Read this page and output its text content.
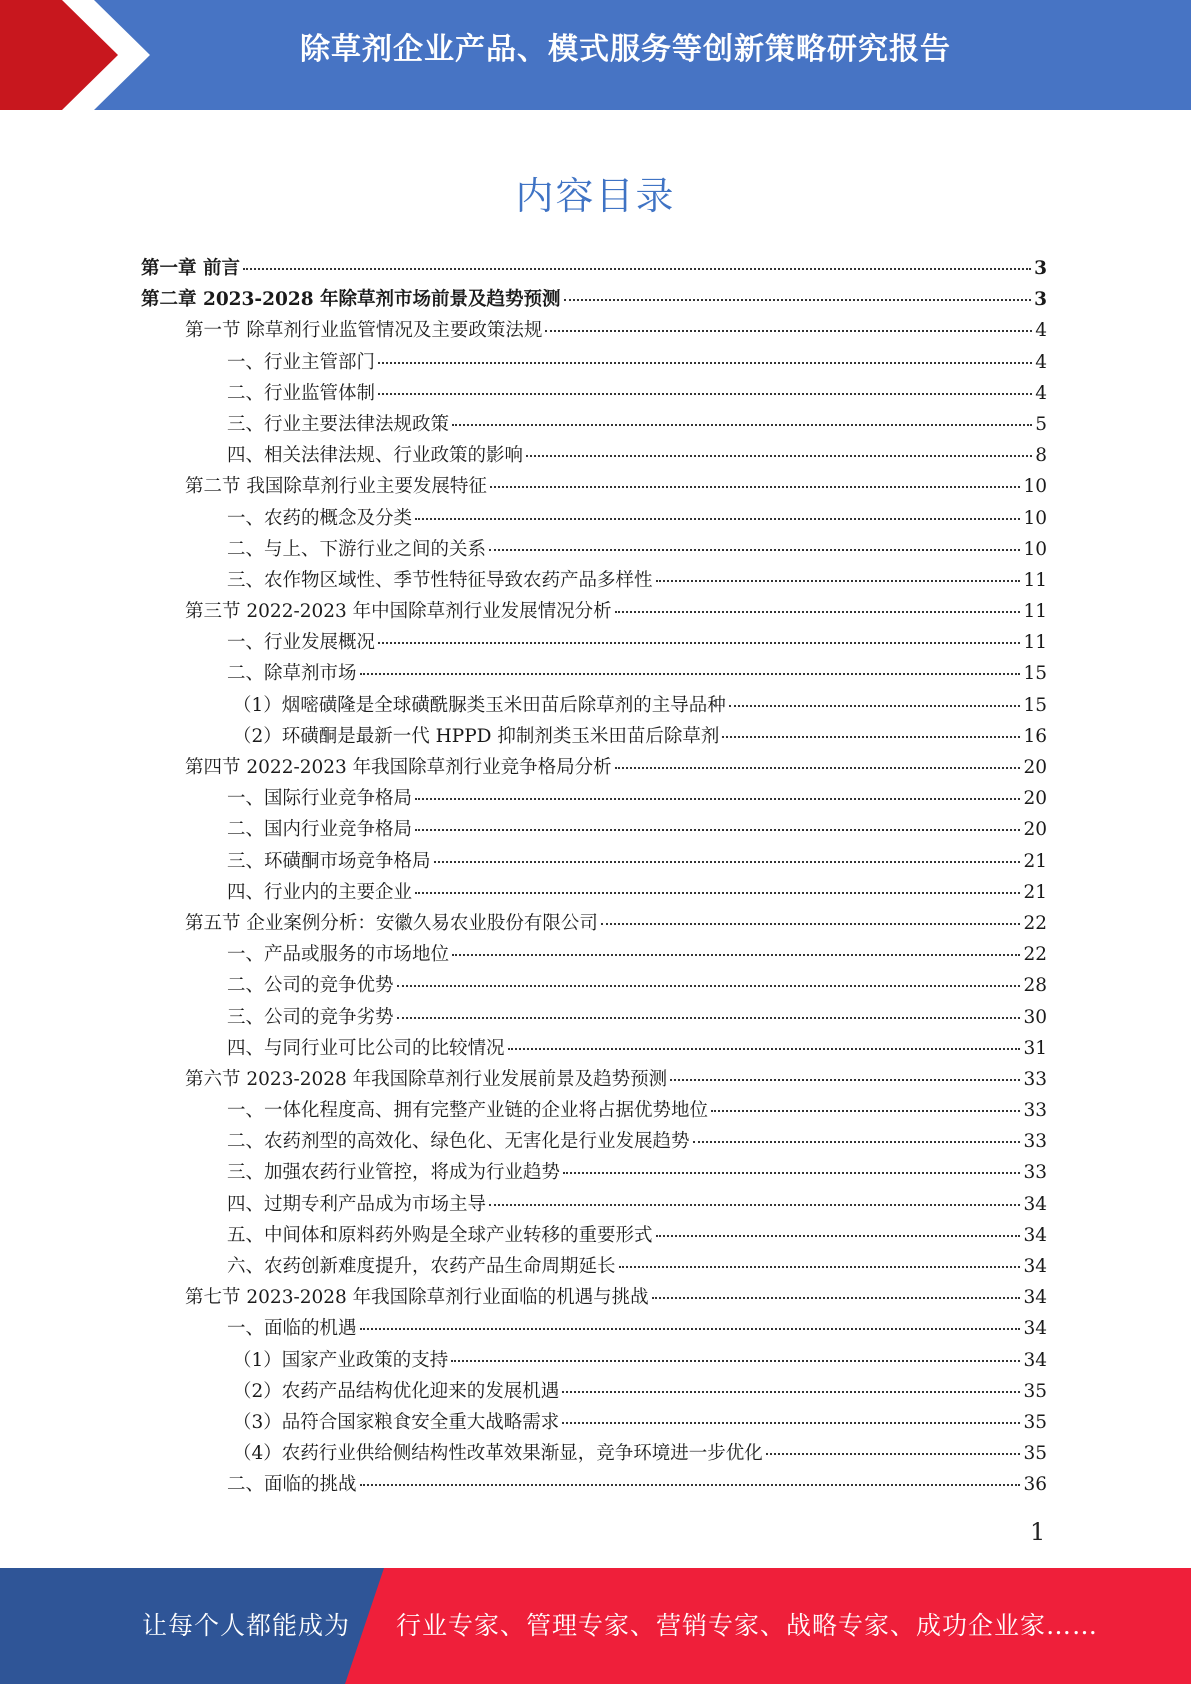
除草剂企业产品、模式服务等创新策略研究报告
内容目录
第一章 前言	3
第二章 2023-2028 年除草剂市场前景及趋势预测	3
第一节 除草剂行业监管情况及主要政策法规	4
一、行业主管部门	4
二、行业监管体制	4
三、行业主要法律法规政策	5
四、相关法律法规、行业政策的影响	8
第二节 我国除草剂行业主要发展特征	10
一、农药的概念及分类	10
二、与上、下游行业之间的关系	10
三、农作物区域性、季节性特征导致农药产品多样性	11
第三节 2022-2023 年中国除草剂行业发展情况分析	11
一、行业发展概况	11
二、除草剂市场	15
（1）烟嘧磺隆是全球磺酰脲类玉米田苗后除草剂的主导品种	15
（2）环磺酮是最新一代 HPPD 抑制剂类玉米田苗后除草剂	16
第四节 2022-2023 年我国除草剂行业竞争格局分析	20
一、国际行业竞争格局	20
二、国内行业竞争格局	20
三、环磺酮市场竞争格局	21
四、行业内的主要企业	21
第五节 企业案例分析：安徽久易农业股份有限公司	22
一、产品或服务的市场地位	22
二、公司的竞争优势	28
三、公司的竞争劣势	30
四、与同行业可比公司的比较情况	31
第六节 2023-2028 年我国除草剂行业发展前景及趋势预测	33
一、一体化程度高、拥有完整产业链的企业将占据优势地位	33
二、农药剂型的高效化、绿色化、无害化是行业发展趋势	33
三、加强农药行业管控，将成为行业趋势	33
四、过期专利产品成为市场主导	34
五、中间体和原料药外购是全球产业转移的重要形式	34
六、农药创新难度提升，农药产品生命周期延长	34
第七节 2023-2028 年我国除草剂行业面临的机遇与挑战	34
一、面临的机遇	34
（1）国家产业政策的支持	34
（2）农药产品结构优化迎来的发展机遇	35
（3）品符合国家粮食安全重大战略需求	35
（4）农药行业供给侧结构性改革效果渐显，竞争环境进一步优化	35
二、面临的挑战	36
1
让每个人都能成为 行业专家、管理专家、营销专家、战略专家、成功企业家……
